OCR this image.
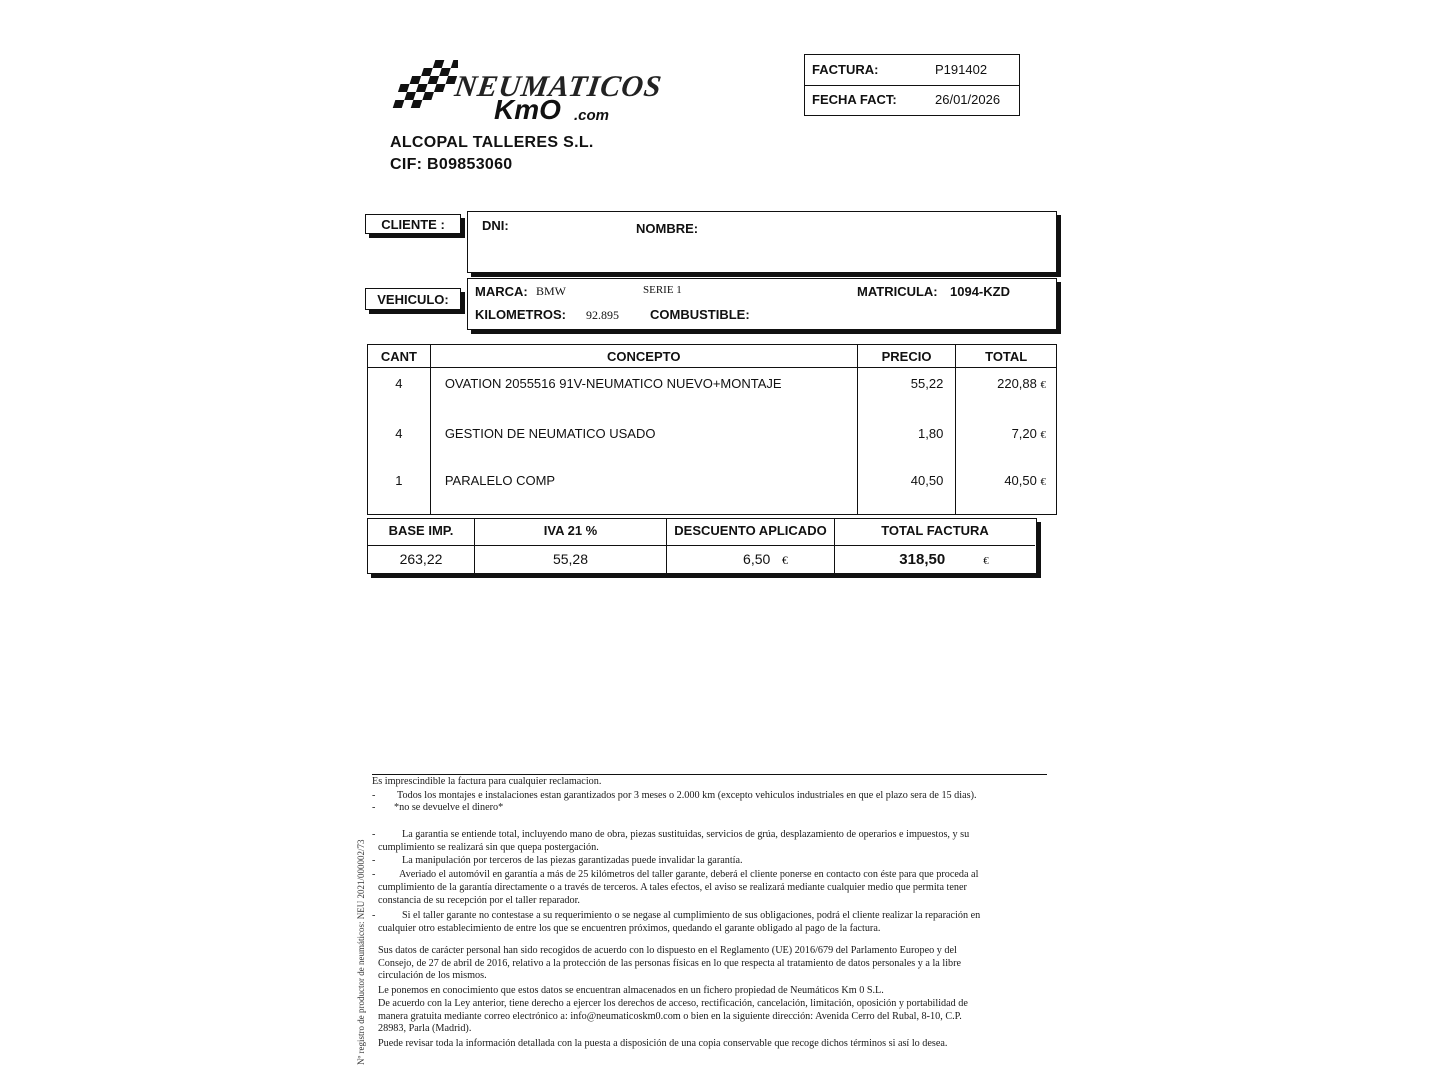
NEUMATICOS
KmO .com
ALCOPAL TALLERES S.L.
CIF: B09853060
FACTURA:	P191402
FECHA FACT:	26/01/2026
CLIENTE :	DNI:	NOMBRE:
VEHICULO:
MARCA: BMW	SERIE 1	MATRICULA: 1094-KZD
KILOMETROS: 92.895 COMBUSTIBLE:
CANT	CONCEPTO	PRECIO	TOTAL
4	OVATION 2055516 91V-NEUMATICO NUEVO+MONTAJE	55,22	220,88 €
4	GESTION DE NEUMATICO USADO	1,80	7,20 €
1	PARALELO COMP	40,50	40,50 €
BASE IMP.	IVA 21 %	DESCUENTO APLICADO	TOTAL FACTURA
263,22	55,28	6,50 €	318,50	€
Es imprescindible la factura para cualquier reclamacion.
- Todos los montajes e instalaciones estan garantizados por 3 meses o 2.000 km (excepto vehiculos industriales en que el plazo sera de 15 dias).
- *no se devuelve el dinero*
-	La garantia se entiende total, incluyendo mano de obra, piezas sustituidas, servicios de grúa, desplazamiento de operarios e impuestos, y su
cumplimiento se realizará sin que quepa postergación.
-	La manipulación por terceros de las piezas garantizadas puede invalidar la garantía.
- Averiado el automóvil en garantía a más de 25 kilómetros del taller garante, deberá el cliente ponerse en contacto con éste para que proceda al
cumplimiento de la garantía directamente o a través de terceros. A tales efectos, el aviso se realizará mediante cualquier medio que permita tener
constancia de su recepción por el taller reparador.
-	Si el taller garante no contestase a su requerimiento o se negase al cumplimiento de sus obligaciones, podrá el cliente realizar la reparación en
cualquier otro establecimiento de entre los que se encuentren próximos, quedando el garante obligado al pago de la factura.
Sus datos de carácter personal han sido recogidos de acuerdo con lo dispuesto en el Reglamento (UE) 2016/679 del Parlamento Europeo y del
Consejo, de 27 de abril de 2016, relativo a la protección de las personas físicas en lo que respecta al tratamiento de datos personales y a la libre
circulación de los mismos.
Le ponemos en conocimiento que estos datos se encuentran almacenados en un fichero propiedad de Neumáticos Km 0 S.L.
De acuerdo con la Ley anterior, tiene derecho a ejercer los derechos de acceso, rectificación, cancelación, limitación, oposición y portabilidad de
manera gratuita mediante correo electrónico a: info@neumaticoskm0.com o bien en la siguiente dirección: Avenida Cerro del Rubal, 8-10, C.P.
28983, Parla (Madrid).
Puede revisar toda la información detallada con la puesta a disposición de una copia conservable que recoge dichos términos si así lo desea.
Nº registro de productor de neumáticos: NEU 2021/000002/73
